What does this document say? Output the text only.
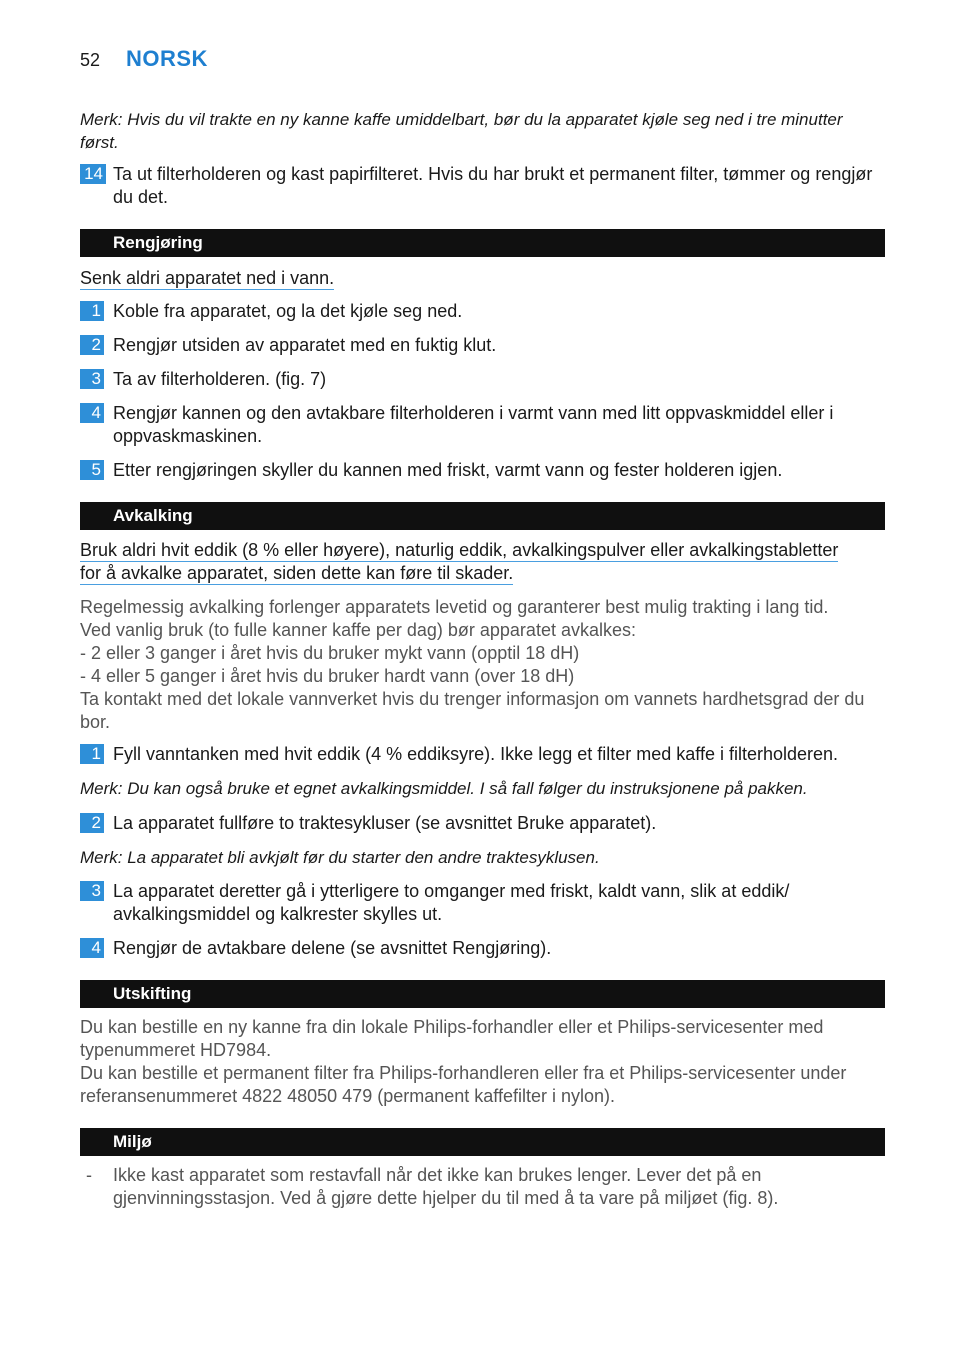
52 NORSK
Merk: Hvis du vil trakte en ny kanne kaffe umiddelbart, bør du la apparatet kjøle seg ned i tre minutter først.
14 Ta ut filterholderen og kast papirfilteret. Hvis du har brukt et permanent filter, tømmer og rengjør du det.
Rengjøring
Senk aldri apparatet ned i vann.
1 Koble fra apparatet, og la det kjøle seg ned.
2 Rengjør utsiden av apparatet med en fuktig klut.
3 Ta av filterholderen. (fig. 7)
4 Rengjør kannen og den avtakbare filterholderen i varmt vann med litt oppvaskmiddel eller i oppvaskmaskinen.
5 Etter rengjøringen skyller du kannen med friskt, varmt vann og fester holderen igjen.
Avkalking
Bruk aldri hvit eddik (8 % eller høyere), naturlig eddik, avkalkingspulver eller avkalkingstabletter
for å avkalke apparatet, siden dette kan føre til skader.
Regelmessig avkalking forlenger apparatets levetid og garanterer best mulig trakting i lang tid.
Ved vanlig bruk (to fulle kanner kaffe per dag) bør apparatet avkalkes:
- 2 eller 3 ganger i året hvis du bruker mykt vann (opptil 18 dH)
- 4 eller 5 ganger i året hvis du bruker hardt vann (over 18 dH)
Ta kontakt med det lokale vannverket hvis du trenger informasjon om vannets hardhetsgrad der du
bor.
1 Fyll vanntanken med hvit eddik (4 % eddiksyre). Ikke legg et filter med kaffe i filterholderen.
Merk: Du kan også bruke et egnet avkalkingsmiddel. I så fall følger du instruksjonene på pakken.
2 La apparatet fullføre to traktesykluser (se avsnittet Bruke apparatet).
Merk: La apparatet bli avkjølt før du starter den andre traktesyklusen.
3 La apparatet deretter gå i ytterligere to omganger med friskt, kaldt vann, slik at eddik/ avkalkingsmiddel og kalkrester skylles ut.
4 Rengjør de avtakbare delene (se avsnittet Rengjøring).
Utskifting
Du kan bestille en ny kanne fra din lokale Philips-forhandler eller et Philips-servicesenter med
typenummeret HD7984.
Du kan bestille et permanent filter fra Philips-forhandleren eller fra et Philips-servicesenter under
referansenummeret 4822 48050 479 (permanent kaffefilter i nylon).
Miljø
- Ikke kast apparatet som restavfall når det ikke kan brukes lenger. Lever det på en
gjenvinningsstasjon. Ved å gjøre dette hjelper du til med å ta vare på miljøet (fig. 8).
